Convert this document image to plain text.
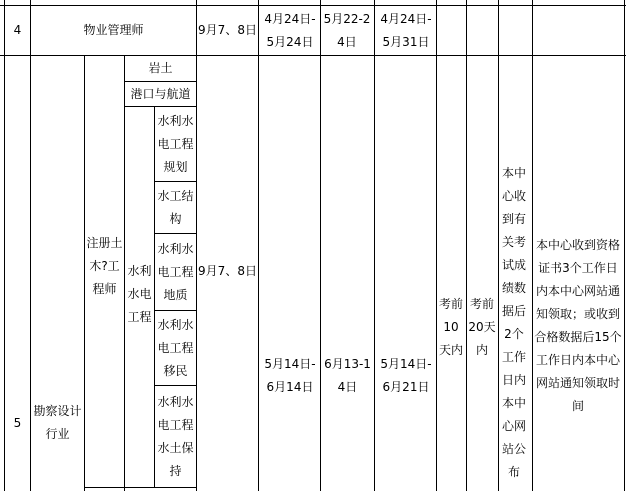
4	物业管理师	9月7、8日
4月24日-5月24日
5月22-24日
4月24日-5月31日
5
勘察设计行业
注册土木?工程师
岩土
港口与航道
水利水电工程
水利水电工程规划
水工结构
水利水电工程地质
水利水电工程移民
水利水电工程水土保持
9月7、8日
5月14日-6月14日
6月13-14日
5月14日-6月21日
考前10天内
考前20天内
本中心收到有关考试成绩数据后2个工作日内本中心网站公布
本中心收到资格证书3个工作日内本中心网站通知领取；或收到合格数据后15个工作日内本中心网站通知领取时间
